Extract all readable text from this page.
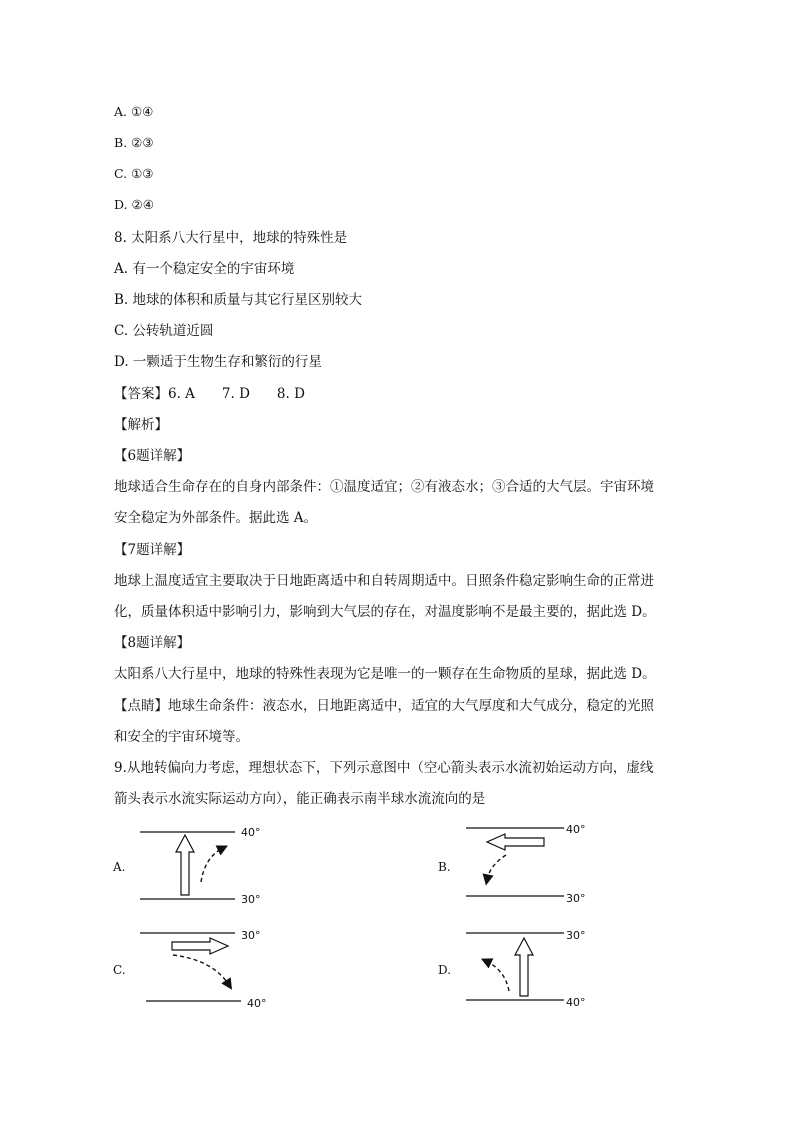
A. ①④
B. ②③
C. ①③
D. ②④
8. 太阳系八大行星中，地球的特殊性是
A. 有一个稳定安全的宇宙环境
B. 地球的体积和质量与其它行星区别较大
C. 公转轨道近圆
D. 一颗适于生物生存和繁衍的行星
【答案】6. A　　7. D　　8. D
【解析】
【6题详解】
地球适合生命存在的自身内部条件：①温度适宜；②有液态水；③合适的大气层。宇宙环境
安全稳定为外部条件。据此选 A。
【7题详解】
地球上温度适宜主要取决于日地距离适中和自转周期适中。日照条件稳定影响生命的正常进
化，质量体积适中影响引力，影响到大气层的存在，对温度影响不是最主要的，据此选 D。
【8题详解】
太阳系八大行星中，地球的特殊性表现为它是唯一的一颗存在生命物质的星球，据此选 D。
【点睛】地球生命条件：液态水，日地距离适中，适宜的大气厚度和大气成分，稳定的光照
和安全的宇宙环境等。
9.从地转偏向力考虑，理想状态下，下列示意图中（空心箭头表示水流初始运动方向，虚线
箭头表示水流实际运动方向），能正确表示南半球水流流向的是
A.
40°
30°
B.
40°
30°
C.
30°
40°
D.
30°
40°
